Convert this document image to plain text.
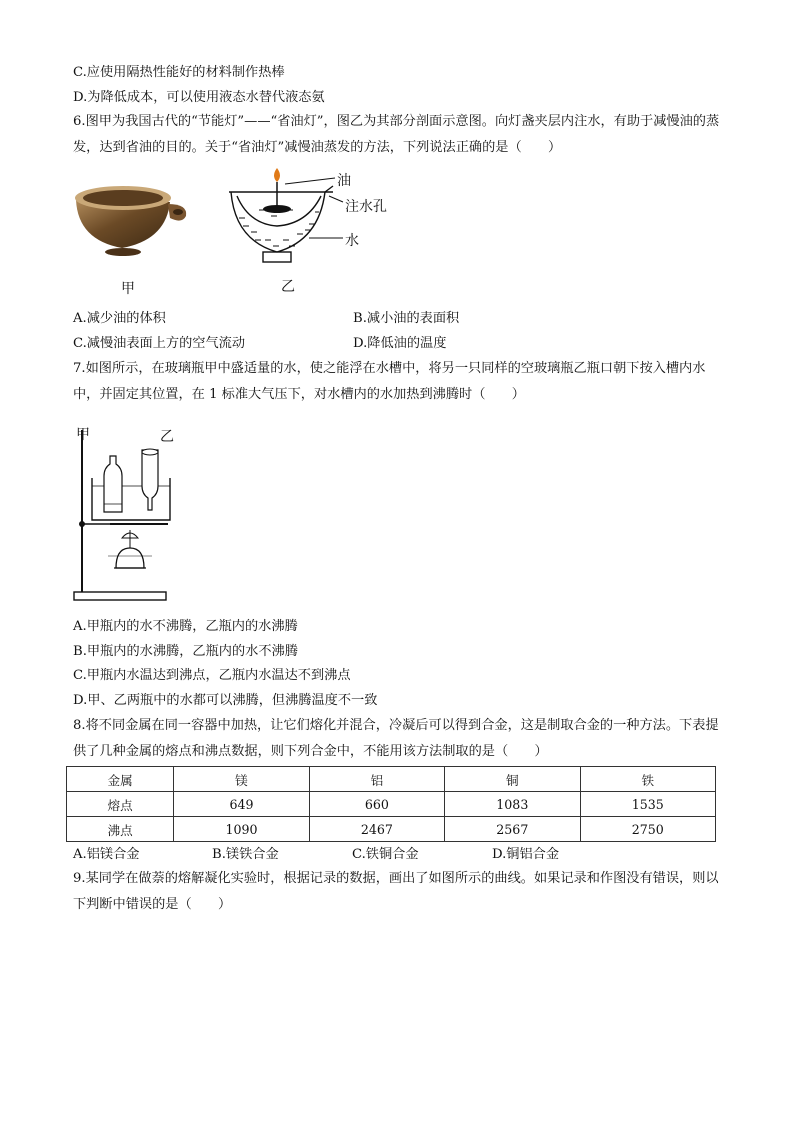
C.应使用隔热性能好的材料制作热棒
D.为降低成本，可以使用液态水替代液态氨
6.图甲为我国古代的“节能灯”——“省油灯”，图乙为其部分剖面示意图。向灯盏夹层内注水，有助于减慢油的蒸发，达到省油的目的。关于“省油灯”减慢油蒸发的方法，下列说法正确的是（　　）
甲
油
注水孔
水
乙
A.减少油的体积	B.减小油的表面积
C.减慢油表面上方的空气流动	D.降低油的温度
7.如图所示，在玻璃瓶甲中盛适量的水，使之能浮在水槽中，将另一只同样的空玻璃瓶乙瓶口朝下按入槽内水中，并固定其位置，在 1 标准大气压下，对水槽内的水加热到沸腾时（　　）
甲	乙
A.甲瓶内的水不沸腾，乙瓶内的水沸腾
B.甲瓶内的水沸腾，乙瓶内的水不沸腾
C.甲瓶内水温达到沸点，乙瓶内水温达不到沸点
D.甲、乙两瓶中的水都可以沸腾，但沸腾温度不一致
8.将不同金属在同一容器中加热，让它们熔化并混合，冷凝后可以得到合金，这是制取合金的一种方法。下表提供了几种金属的熔点和沸点数据，则下列合金中，不能用该方法制取的是（　　）
金属	镁	铝	铜	铁
熔点	649	660	1083	1535
沸点	1090	2467	2567	2750
A.铝镁合金	B.镁铁合金	C.铁铜合金	D.铜铝合金
9.某同学在做萘的熔解凝化实验时，根据记录的数据，画出了如图所示的曲线。如果记录和作图没有错误，则以下判断中错误的是（　　）
